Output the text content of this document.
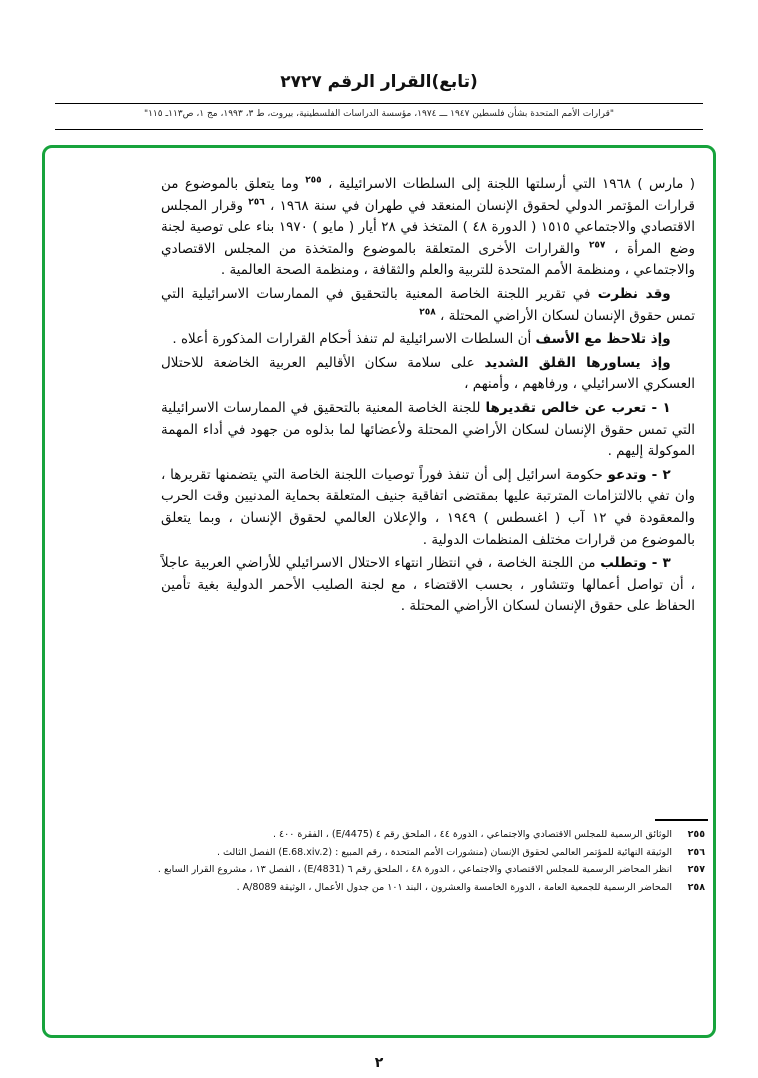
(تابع)القرار الرقم ٢٧٢٧
"قرارات الأمم المتحدة بشأن فلسطين ١٩٤٧ ـــ ١٩٧٤، مؤسسة الدراسات الفلسطينية، بيروت، ط ٣، ١٩٩٣، مج ١، ص١١٣ـ ١١٥"

( مارس ) ١٩٦٨ التي أرسلتها اللجنة إلى السلطات الاسرائيلية ، $^{٢٥٥}$ وما يتعلق بالموضوع من قرارات المؤتمر الدولي لحقوق الإنسان المنعقد في طهران في سنة ١٩٦٨ ، $^{٢٥٦}$ وقرار المجلس الاقتصادي والاجتماعي ١٥١٥ ( الدورة ٤٨ ) المتخذ في ٢٨ أيار ( مايو ) ١٩٧٠ بناء على توصية لجنة وضع المرأة ، $^{٢٥٧}$ والقرارات الأخرى المتعلقة بالموضوع والمتخذة من المجلس الاقتصادي والاجتماعي ، ومنظمة الأمم المتحدة للتربية والعلم والثقافة ، ومنظمة الصحة العالمية .

وقد نظرت في تقرير اللجنة الخاصة المعنية بالتحقيق في الممارسات الاسرائيلية التي تمس حقوق الإنسان لسكان الأراضي المحتلة ، $^{٢٥٨}$

وإذ تلاحظ مع الأسف أن السلطات الاسرائيلية لم تنفذ أحكام القرارات المذكورة أعلاه .

وإذ يساورها القلق الشديد على سلامة سكان الأقاليم العربية الخاضعة للاحتلال العسكري الاسرائيلي ، ورفاههم ، وأمنهم ،

١ - تعرب عن خالص تقديرها للجنة الخاصة المعنية بالتحقيق في الممارسات الاسرائيلية التي تمس حقوق الإنسان لسكان الأراضي المحتلة ولأعضائها لما بذلوه من جهود في أداء المهمة الموكولة إليهم .

٢ - وتدعو حكومة اسرائيل إلى أن تنفذ فوراً توصيات اللجنة الخاصة التي يتضمنها تقريرها ، وان تفي بالالتزامات المترتبة عليها بمقتضى اتفاقية جنيف المتعلقة بحماية المدنيين وقت الحرب والمعقودة في ١٢ آب ( اغسطس ) ١٩٤٩ ، والإعلان العالمي لحقوق الإنسان ، وبما يتعلق بالموضوع من قرارات مختلف المنظمات الدولية .

٣ - وتطلب من اللجنة الخاصة ، في انتظار انتهاء الاحتلال الاسرائيلي للأراضي العربية عاجلاً ، أن تواصل أعمالها وتتشاور ، بحسب الاقتضاء ، مع لجنة الصليب الأحمر الدولية بغية تأمين الحفاظ على حقوق الإنسان لسكان الأراضي المحتلة .

٢٥٥
الوثائق الرسمية للمجلس الاقتصادي والاجتماعي ، الدورة ٤٤ ، الملحق رقم ٤ (E/4475) ، الفقرة ٤٠٠ .
٢٥٦
الوثيقة النهائية للمؤتمر العالمي لحقوق الإنسان (منشورات الأمم المتحدة ، رقم المبيع : (E.68.xiv.2) الفصل الثالث .
٢٥٧
انظر المحاضر الرسمية للمجلس الاقتصادي والاجتماعي ، الدورة ٤٨ ، الملحق رقم ٦ (E/4831) ، الفصل ١٣ ، مشروع القرار السابع .
٢٥٨
المحاضر الرسمية للجمعية العامة ، الدورة الخامسة والعشرون ، البند ١٠١ من جدول الأعمال ، الوثيقة A/8089 .
٢
